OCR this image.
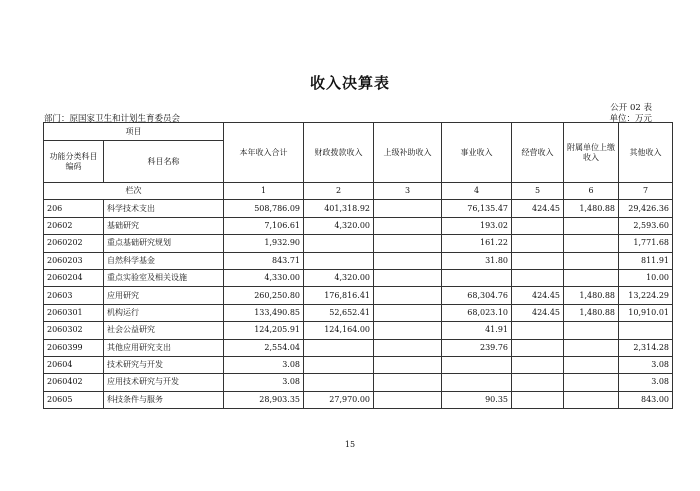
收入决算表
公开 02 表
部门：原国家卫生和计划生育委员会	单位：万元
项目		本年收入合计	财政拨款收入	上级补助收入	事业收入	经营收入	附属单位上缴收入	其他收入
功能分类科目编码	科目名称							
栏次		1	2	3	4	5	6	7
206	科学技术支出	508,786.09	401,318.92		76,135.47	424.45	1,480.88	29,426.36
20602	基础研究	7,106.61	4,320.00		193.02			2,593.60
2060202	重点基础研究规划	1,932.90			161.22			1,771.68
2060203	自然科学基金	843.71			31.80			811.91
2060204	重点实验室及相关设施	4,330.00	4,320.00					10.00
20603	应用研究	260,250.80	176,816.41		68,304.76	424.45	1,480.88	13,224.29
2060301	机构运行	133,490.85	52,652.41		68,023.10	424.45	1,480.88	10,910.01
2060302	社会公益研究	124,205.91	124,164.00		41.91			
2060399	其他应用研究支出	2,554.04			239.76			2,314.28
20604	技术研究与开发	3.08						3.08
2060402	应用技术研究与开发	3.08						3.08
20605	科技条件与服务	28,903.35	27,970.00		90.35			843.00
15
